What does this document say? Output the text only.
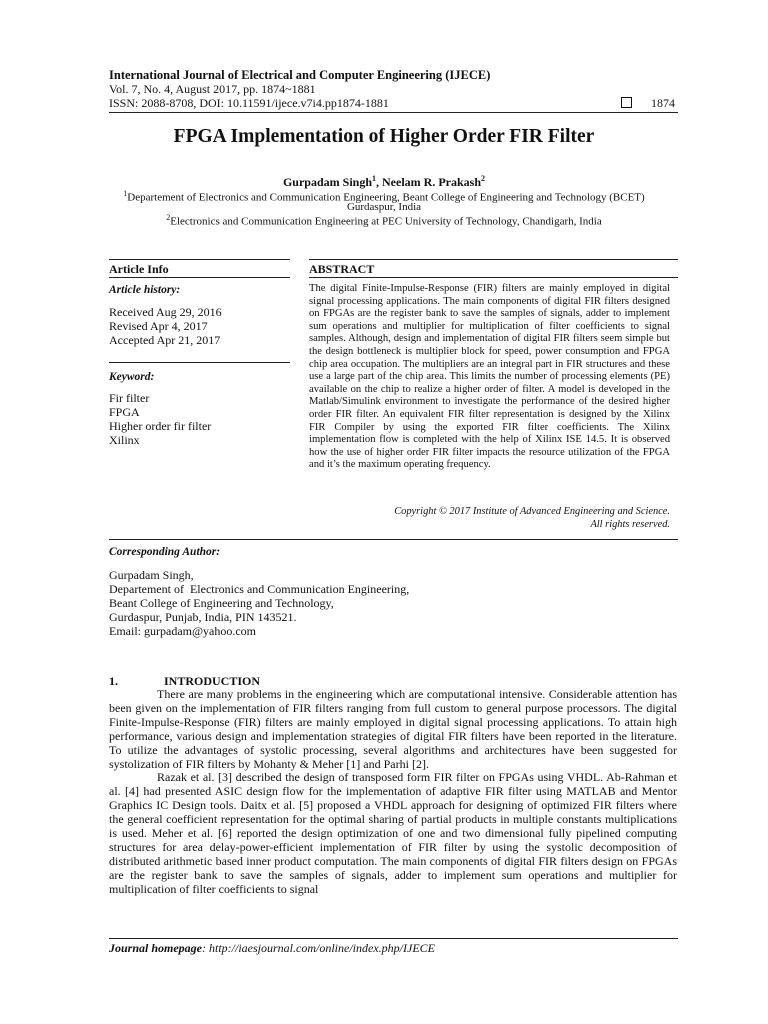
International Journal of Electrical and Computer Engineering (IJECE)
Vol. 7, No. 4, August 2017, pp. 1874~1881
ISSN: 2088-8708, DOI: 10.11591/ijece.v7i4.pp1874-1881	1874
FPGA Implementation of Higher Order FIR Filter
Gurpadam Singh$^1$, Neelam R. Prakash$^2$
$^1$Departement of Electronics and Communication Engineering, Beant College of Engineering and Technology (BCET)
Gurdaspur, India
$^2$Electronics and Communication Engineering at PEC University of Technology, Chandigarh, India
Article Info	ABSTRACT
Article history:
Received Aug 29, 2016
Revised Apr 4, 2017
Accepted Apr 21, 2017
Keyword:
Fir filter
FPGA
Higher order fir filter
Xilinx
The digital Finite-Impulse-Response (FIR) filters are mainly employed in digital signal processing applications. The main components of digital FIR filters designed on FPGAs are the register bank to save the samples of signals, adder to implement sum operations and multiplier for multiplication of filter coefficients to signal samples. Although, design and implementation of digital FIR filters seem simple but the design bottleneck is multiplier block for speed, power consumption and FPGA chip area occupation. The multipliers are an integral part in FIR structures and these use a large part of the chip area. This limits the number of processing elements (PE) available on the chip to realize a higher order of filter. A model is developed in the Matlab/Simulink environment to investigate the performance of the desired higher order FIR filter. An equivalent FIR filter representation is designed by the Xilinx FIR Compiler by using the exported FIR filter coefficients. The Xilinx implementation flow is completed with the help of Xilinx ISE 14.5. It is observed how the use of higher order FIR filter impacts the resource utilization of the FPGA and it’s the maximum operating frequency.
Copyright © 2017 Institute of Advanced Engineering and Science.
All rights reserved.
Corresponding Author:
Gurpadam Singh,
Departement of  Electronics and Communication Engineering,
Beant College of Engineering and Technology,
Gurdaspur, Punjab, India, PIN 143521.
Email: gurpadam@yahoo.com
1.	INTRODUCTION

There are many problems in the engineering which are computational intensive. Considerable attention has been given on the implementation of FIR filters ranging from full custom to general purpose processors. The digital Finite-Impulse-Response (FIR) filters are mainly employed in digital signal processing applications. To attain high performance, various design and implementation strategies of digital FIR filters have been reported in the literature. To utilize the advantages of systolic processing, several algorithms and architectures have been suggested for systolization of FIR filters by Mohanty & Meher [1] and Parhi [2].

Razak et al. [3] described the design of transposed form FIR filter on FPGAs using VHDL. Ab-Rahman et al. [4] had presented ASIC design flow for the implementation of adaptive FIR filter using MATLAB and Mentor Graphics IC Design tools. Daitx et al. [5] proposed a VHDL approach for designing of optimized FIR filters where the general coefficient representation for the optimal sharing of partial products in multiple constants multiplications is used. Meher et al. [6] reported the design optimization of one and two dimensional fully pipelined computing structures for area delay-power-efficient implementation of FIR filter by using the systolic decomposition of distributed arithmetic based inner product computation. The main components of digital FIR filters design on FPGAs are the register bank to save the samples of signals, adder to implement sum operations and multiplier for multiplication of filter coefficients to signal

Journal homepage: http://iaesjournal.com/online/index.php/IJECE
